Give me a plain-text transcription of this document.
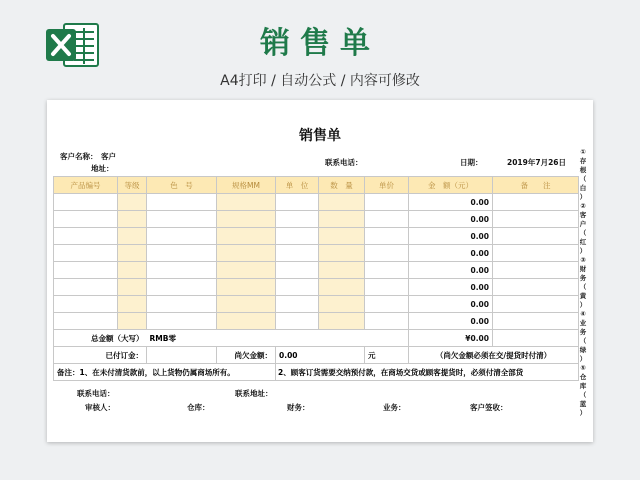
销售单
A4打印 / 自动公式 / 内容可修改
销售单
客户名称： 客户
地址：
联系电话：	日期：	2019年7月26日
产品编号	等级	色　号	规格MM	单　位	数　量	单价	金　额（元）	备　　注
							0.00	
							0.00	
							0.00	
							0.00	
							0.00	
							0.00	
							0.00	
							0.00	
总金额（大写）		RMB零					¥0.00	
已付订金：			尚欠金额：	0.00		元	（尚欠金额必须在交/提货时付清）	
备注：1、在未付清货款前，以上货物仍属商场所有。				2、顾客订货需要交纳预付款，在商场交货或顾客提货时，必须付清全部货				
联系电话：	联系地址：
审核人：	仓库：	财务：	业务：	客户签收：
①
存
根
（
白
）
②
客
户
（
红
）
③
财
务
（
黄
）
④
业
务
（
绿
）
⑤
仓
库
（
蓝
）
